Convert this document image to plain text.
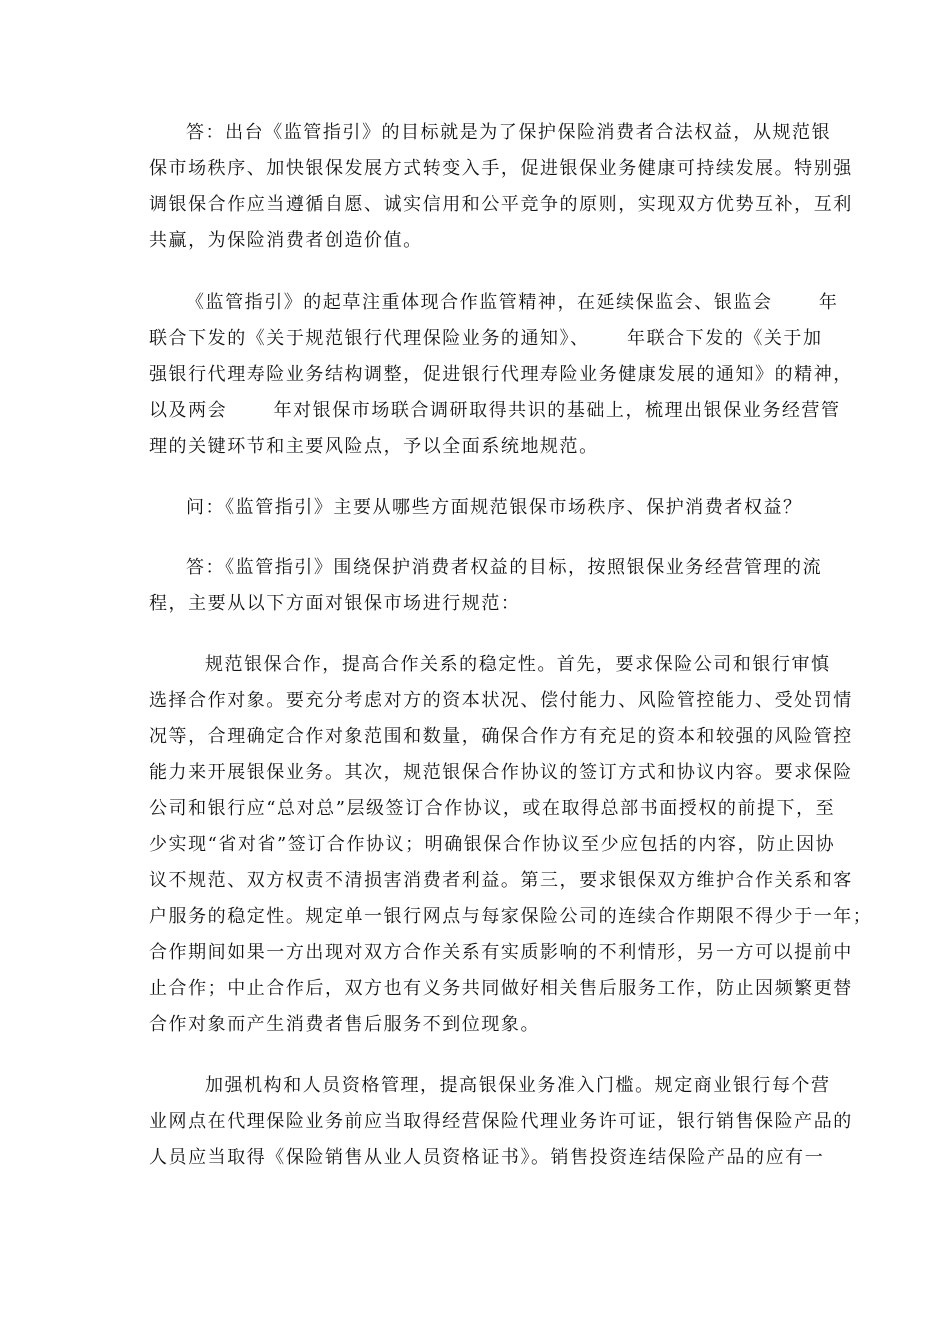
答：出台《监管指引》的目标就是为了保护保险消费者合法权益，从规范银
保市场秩序、加快银保发展方式转变入手，促进银保业务健康可持续发展。特别强
调银保合作应当遵循自愿、诚实信用和公平竞争的原则，实现双方优势互补，互利
共赢，为保险消费者创造价值。
《监管指引》的起草注重体现合作监管精神，在延续保监会、银监会　　 年
联合下发的《关于规范银行代理保险业务的通知》、　　 年联合下发的《关于加
强银行代理寿险业务结构调整，促进银行代理寿险业务健康发展的通知》的精神，
以及两会　　 年对银保市场联合调研取得共识的基础上，梳理出银保业务经营管
理的关键环节和主要风险点，予以全面系统地规范。
问：《监管指引》主要从哪些方面规范银保市场秩序、保护消费者权益？
答：《监管指引》围绕保护消费者权益的目标，按照银保业务经营管理的流
程，主要从以下方面对银保市场进行规范：
规范银保合作，提高合作关系的稳定性。首先，要求保险公司和银行审慎
选择合作对象。要充分考虑对方的资本状况、偿付能力、风险管控能力、受处罚情
况等，合理确定合作对象范围和数量，确保合作方有充足的资本和较强的风险管控
能力来开展银保业务。其次，规范银保合作协议的签订方式和协议内容。要求保险
公司和银行应“总对总”层级签订合作协议，或在取得总部书面授权的前提下，至
少实现“省对省”签订合作协议；明确银保合作协议至少应包括的内容，防止因协
议不规范、双方权责不清损害消费者利益。第三，要求银保双方维护合作关系和客
户服务的稳定性。规定单一银行网点与每家保险公司的连续合作期限不得少于一年；
合作期间如果一方出现对双方合作关系有实质影响的不利情形，另一方可以提前中
止合作；中止合作后，双方也有义务共同做好相关售后服务工作，防止因频繁更替
合作对象而产生消费者售后服务不到位现象。
加强机构和人员资格管理，提高银保业务准入门槛。规定商业银行每个营
业网点在代理保险业务前应当取得经营保险代理业务许可证，银行销售保险产品的
人员应当取得《保险销售从业人员资格证书》。销售投资连结保险产品的应有一
